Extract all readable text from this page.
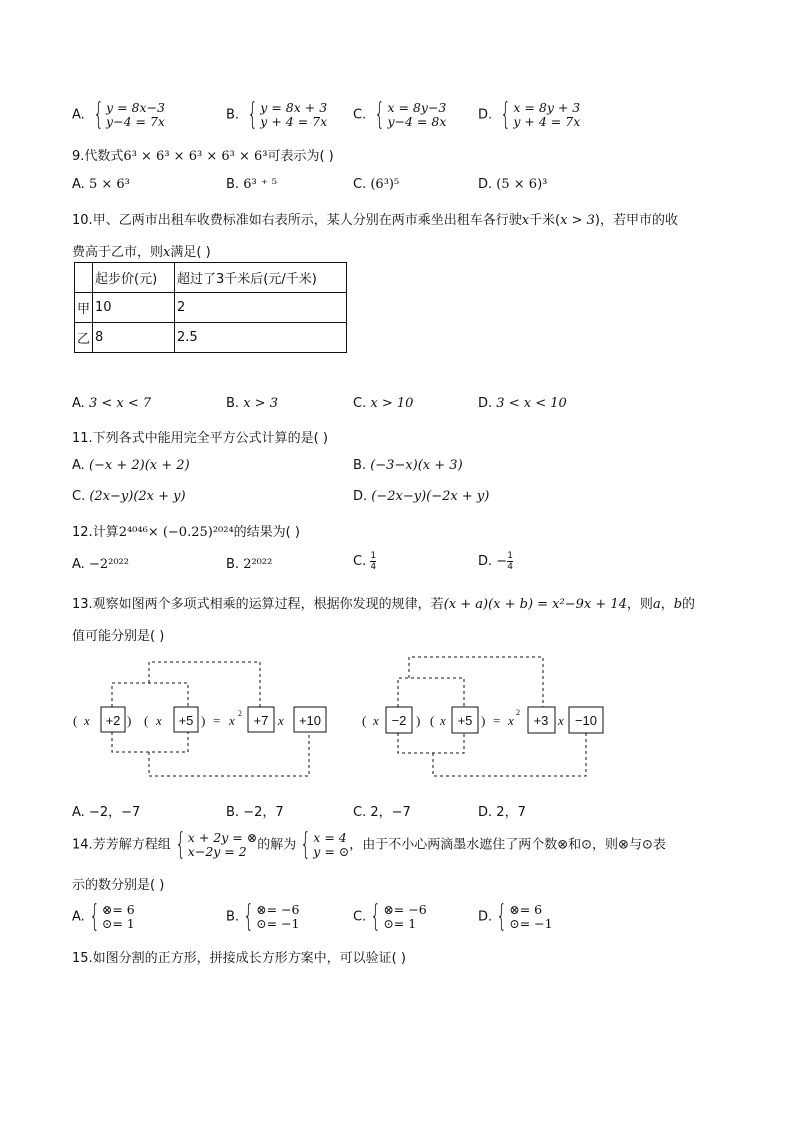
A. { y = 8x−3
y−4 = 7x	B. { y = 8x + 3
y + 4 = 7x C. { x = 8y−3
y−4 = 8x D. { x = 8y + 3
y + 4 = 7x
9.代数式6³ × 6³ × 6³ × 6³ × 6³可表示为( )
A. 5 × 6³	B. 6³ ⁺ ⁵	C. (6³)⁵	D. (5 × 6)³
10.甲、乙两市出租车收费标准如右表所示，某人分别在两市乘坐出租车各行驶x千米(x > 3)，若甲市的收
费高于乙市，则x满足( )
	起步价(元)	超过了3千米后(元/千米)
甲	10	2
乙	8	2.5
A. 3 < x < 7	B. x > 3	C. x > 10	D. 3 < x < 10
11.下列各式中能用完全平方公式计算的是( )
A. (−x + 2)(x + 2)	B. (−3−x)(x + 3)
C. (2x−y)(2x + y)	D. (−2x−y)(−2x + y)
12.计算2⁴⁰⁴⁶× (−0.25)²⁰²⁴的结果为( )
A. −2²⁰²²	B. 2²⁰²²	C. $\frac{1}{4}$	D. − $\frac{1}{4}$
13.观察如图两个多项式相乘的运算过程，根据你发现的规律，若(x + a)(x + b) = x²−9x + 14，则a，b的
值可能分别是( )
( x	) ( x	) = x 2	x
+2	+5	+7 +10	( x	) ( x	) = x
2
x
−2	+5	+3 −10
A. −2，−7	B. −2，7	C. 2，−7	D. 2，7
14.芳芳解方程组 { x + 2y = ⊗
x−2y = 2 的解为 { x = 4
y = ⊙ ，由于不小心两滴墨水遮住了两个数⊗和⊙，则⊗与⊙表
示的数分别是( )
A. { ⊗= 6
⊙= 1	B. { ⊗= −6
⊙= −1	C. { ⊗= −6
⊙= 1	D. { ⊗= 6
⊙= −1
15.如图分割的正方形，拼接成长方形方案中，可以验证( )
